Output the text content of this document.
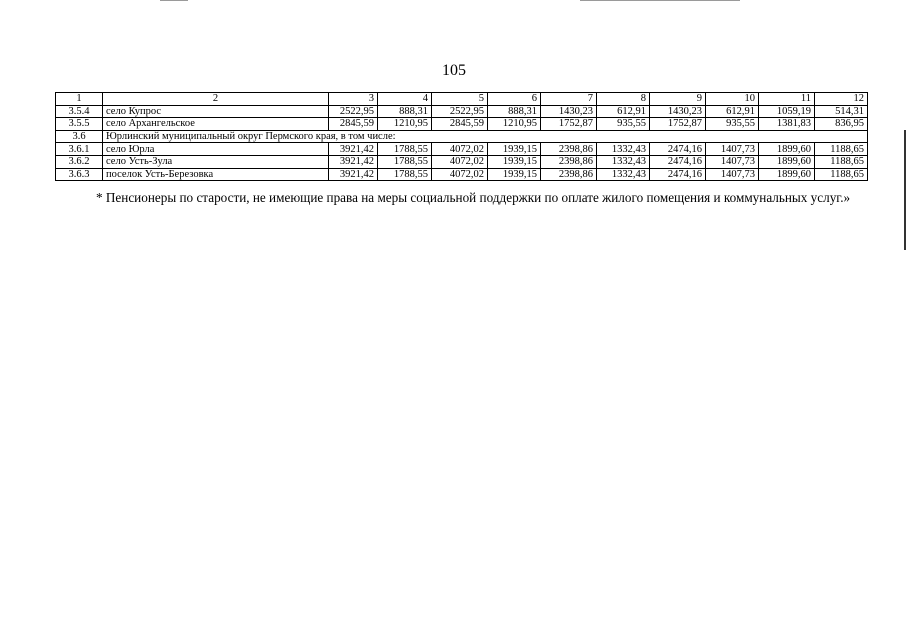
105
1	2	3	4	5	6	7	8	9	10	11	12
3.5.4	село Купрос	2522,95	888,31	2522,95	888,31	1430,23	612,91	1430,23	612,91	1059,19	514,31
3.5.5	село Архангельское	2845,59	1210,95	2845,59	1210,95	1752,87	935,55	1752,87	935,55	1381,83	836,95
3.6	Юрлинский муниципальный округ Пермского края, в том числе:										
3.6.1	село Юрла	3921,42	1788,55	4072,02	1939,15	2398,86	1332,43	2474,16	1407,73	1899,60	1188,65
3.6.2	село Усть-Зула	3921,42	1788,55	4072,02	1939,15	2398,86	1332,43	2474,16	1407,73	1899,60	1188,65
3.6.3	поселок Усть-Березовка	3921,42	1788,55	4072,02	1939,15	2398,86	1332,43	2474,16	1407,73	1899,60	1188,65
* Пенсионеры по старости, не имеющие права на меры социальной поддержки по оплате жилого помещения и коммунальных услуг.»
